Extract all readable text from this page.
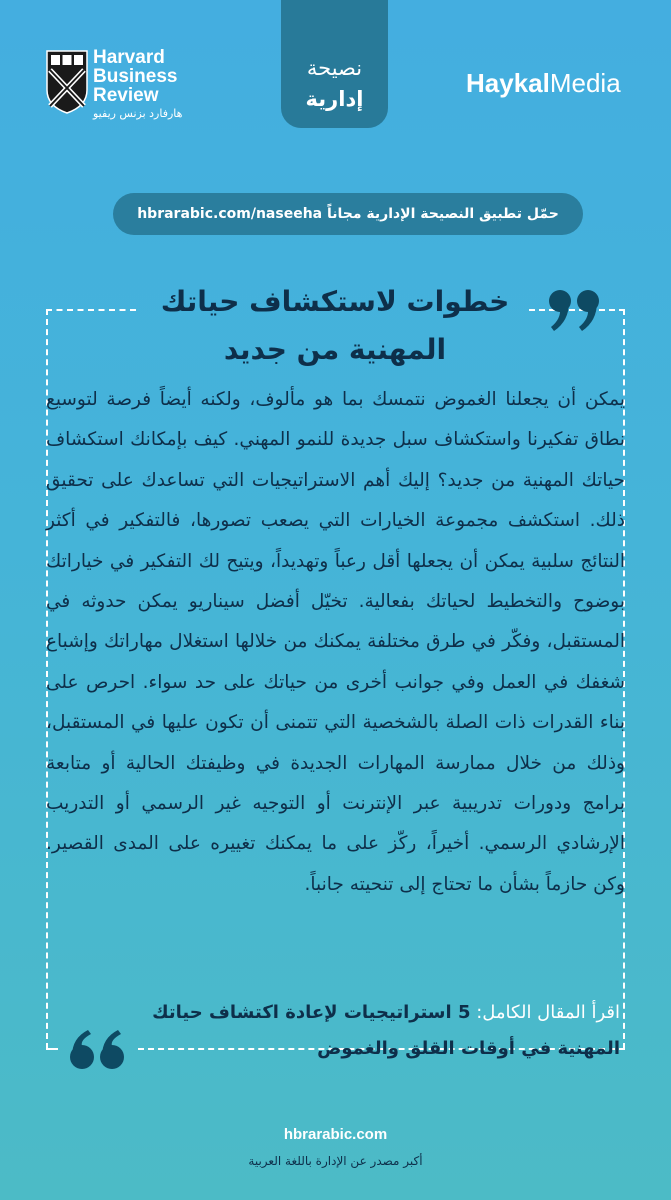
Harvard
Business
Review
هارفارد بزنس ريفيو
نصيحة
إدارية
HaykalMedia
حمّل تطبيق النصيحة الإدارية مجاناً

hbrarabic.com/naseeha
خطوات لاستكشاف حياتك
المهنية من جديد
يمكن أن يجعلنا الغموض نتمسك بما هو مألوف، ولكنه أيضاً فرصة لتوسيع نطاق تفكيرنا واستكشاف سبل جديدة للنمو المهني. كيف بإمكانك استكشاف حياتك المهنية من جديد؟ إليك أهم الاستراتيجيات التي تساعدك على تحقيق ذلك. استكشف مجموعة الخيارات التي يصعب تصورها، فالتفكير في أكثر النتائج سلبية يمكن أن يجعلها أقل رعباً وتهديداً، ويتيح لك التفكير في خياراتك بوضوح والتخطيط لحياتك بفعالية. تخيّل أفضل سيناريو يمكن حدوثه في المستقبل، وفكّر في طرق مختلفة يمكنك من خلالها استغلال مهاراتك وإشباع شغفك في العمل وفي جوانب أخرى من حياتك على حد سواء. احرص على بناء القدرات ذات الصلة بالشخصية التي تتمنى أن تكون عليها في المستقبل، وذلك من خلال ممارسة المهارات الجديدة في وظيفتك الحالية أو متابعة برامج ودورات تدريبية عبر الإنترنت أو التوجيه غير الرسمي أو التدريب الإرشادي الرسمي. أخيراً، ركّز على ما يمكنك تغييره على المدى القصير. وكن حازماً بشأن ما تحتاج إلى تنحيته جانباً.
اقرأ المقال الكامل: 5 استراتيجيات لإعادة اكتشاف حياتك المهنية في أوقات القلق والغموض
hbrarabic.com
أكبر مصدر عن الإدارة باللغة العربية
